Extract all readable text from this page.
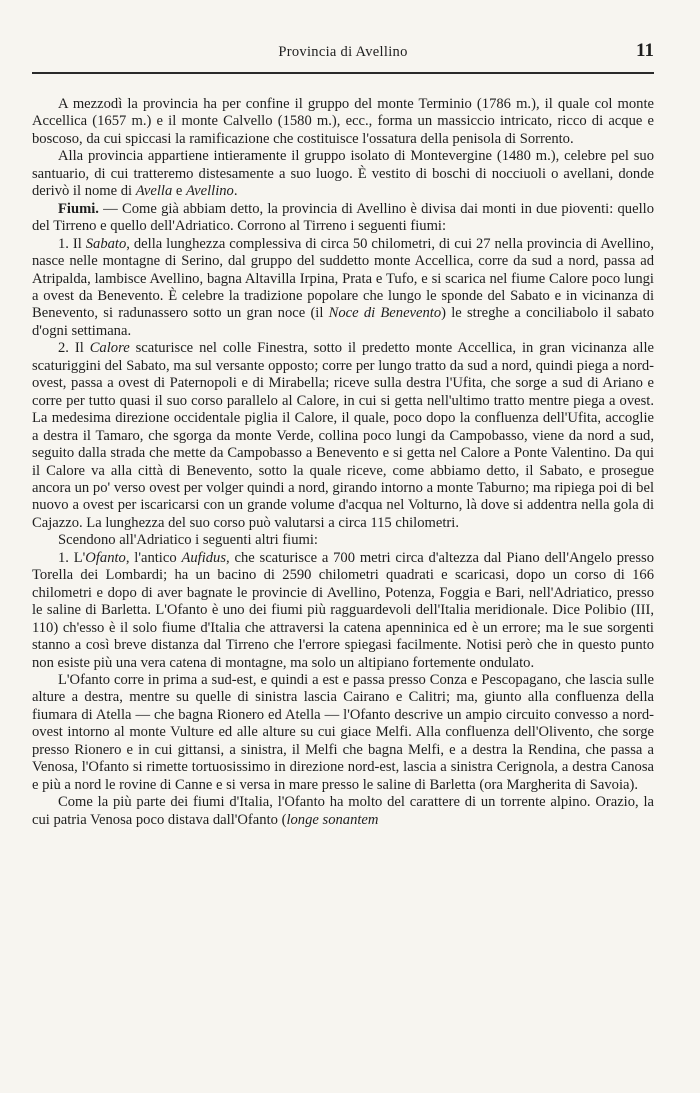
Provincia di Avellino	11

A mezzodì la provincia ha per confine il gruppo del monte Terminio (1786 m.), il quale col monte Accellica (1657 m.) e il monte Calvello (1580 m.), ecc., forma un massiccio intricato, ricco di acque e boscoso, da cui spiccasi la ramificazione che costituisce l'ossatura della penisola di Sorrento.

Alla provincia appartiene intieramente il gruppo isolato di Montevergine (1480 m.), celebre pel suo santuario, di cui tratteremo distesamente a suo luogo. È vestito di boschi di nocciuoli o avellani, donde derivò il nome di Avella e Avellino.

Fiumi. — Come già abbiam detto, la provincia di Avellino è divisa dai monti in due pioventi: quello del Tirreno e quello dell'Adriatico. Corrono al Tirreno i seguenti fiumi:

1. Il Sabato, della lunghezza complessiva di circa 50 chilometri, di cui 27 nella provincia di Avellino, nasce nelle montagne di Serino, dal gruppo del suddetto monte Accellica, corre da sud a nord, passa ad Atripalda, lambisce Avellino, bagna Altavilla Irpina, Prata e Tufo, e si scarica nel fiume Calore poco lungi a ovest da Benevento. È celebre la tradizione popolare che lungo le sponde del Sabato e in vicinanza di Benevento, si radunassero sotto un gran noce (il Noce di Benevento) le streghe a conciliabolo il sabato d'ogni settimana.

2. Il Calore scaturisce nel colle Finestra, sotto il predetto monte Accellica, in gran vicinanza alle scaturiggini del Sabato, ma sul versante opposto; corre per lungo tratto da sud a nord, quindi piega a nord-ovest, passa a ovest di Paternopoli e di Mirabella; riceve sulla destra l'Ufita, che sorge a sud di Ariano e corre per tutto quasi il suo corso parallelo al Calore, in cui si getta nell'ultimo tratto mentre piega a ovest. La medesima direzione occidentale piglia il Calore, il quale, poco dopo la confluenza dell'Ufita, accoglie a destra il Tamaro, che sgorga da monte Verde, collina poco lungi da Campobasso, viene da nord a sud, seguito dalla strada che mette da Campobasso a Benevento e si getta nel Calore a Ponte Valentino. Da qui il Calore va alla città di Benevento, sotto la quale riceve, come abbiamo detto, il Sabato, e prosegue ancora un po' verso ovest per volger quindi a nord, girando intorno a monte Taburno; ma ripiega poi di bel nuovo a ovest per iscaricarsi con un grande volume d'acqua nel Volturno, là dove si addentra nella gola di Cajazzo. La lunghezza del suo corso può valutarsi a circa 115 chilometri.

Scendono all'Adriatico i seguenti altri fiumi:

1. L'Ofanto, l'antico Aufidus, che scaturisce a 700 metri circa d'altezza dal Piano dell'Angelo presso Torella dei Lombardi; ha un bacino di 2590 chilometri quadrati e scaricasi, dopo un corso di 166 chilometri e dopo di aver bagnate le provincie di Avellino, Potenza, Foggia e Bari, nell'Adriatico, presso le saline di Barletta. L'Ofanto è uno dei fiumi più ragguardevoli dell'Italia meridionale. Dice Polibio (III, 110) ch'esso è il solo fiume d'Italia che attraversi la catena apenninica ed è un errore; ma le sue sorgenti stanno a così breve distanza dal Tirreno che l'errore spiegasi facilmente. Notisi però che in questo punto non esiste più una vera catena di montagne, ma solo un altipiano fortemente ondulato.

L'Ofanto corre in prima a sud-est, e quindi a est e passa presso Conza e Pescopagano, che lascia sulle alture a destra, mentre su quelle di sinistra lascia Cairano e Calitri; ma, giunto alla confluenza della fiumara di Atella — che bagna Rionero ed Atella — l'Ofanto descrive un ampio circuito convesso a nord-ovest intorno al monte Vulture ed alle alture su cui giace Melfi. Alla confluenza dell'Olivento, che sorge presso Rionero e in cui gittansi, a sinistra, il Melfi che bagna Melfi, e a destra la Rendina, che passa a Venosa, l'Ofanto si rimette tortuosissimo in direzione nord-est, lascia a sinistra Cerignola, a destra Canosa e più a nord le rovine di Canne e si versa in mare presso le saline di Barletta (ora Margherita di Savoia).

Come la più parte dei fiumi d'Italia, l'Ofanto ha molto del carattere di un torrente alpino. Orazio, la cui patria Venosa poco distava dall'Ofanto (longe sonantem
